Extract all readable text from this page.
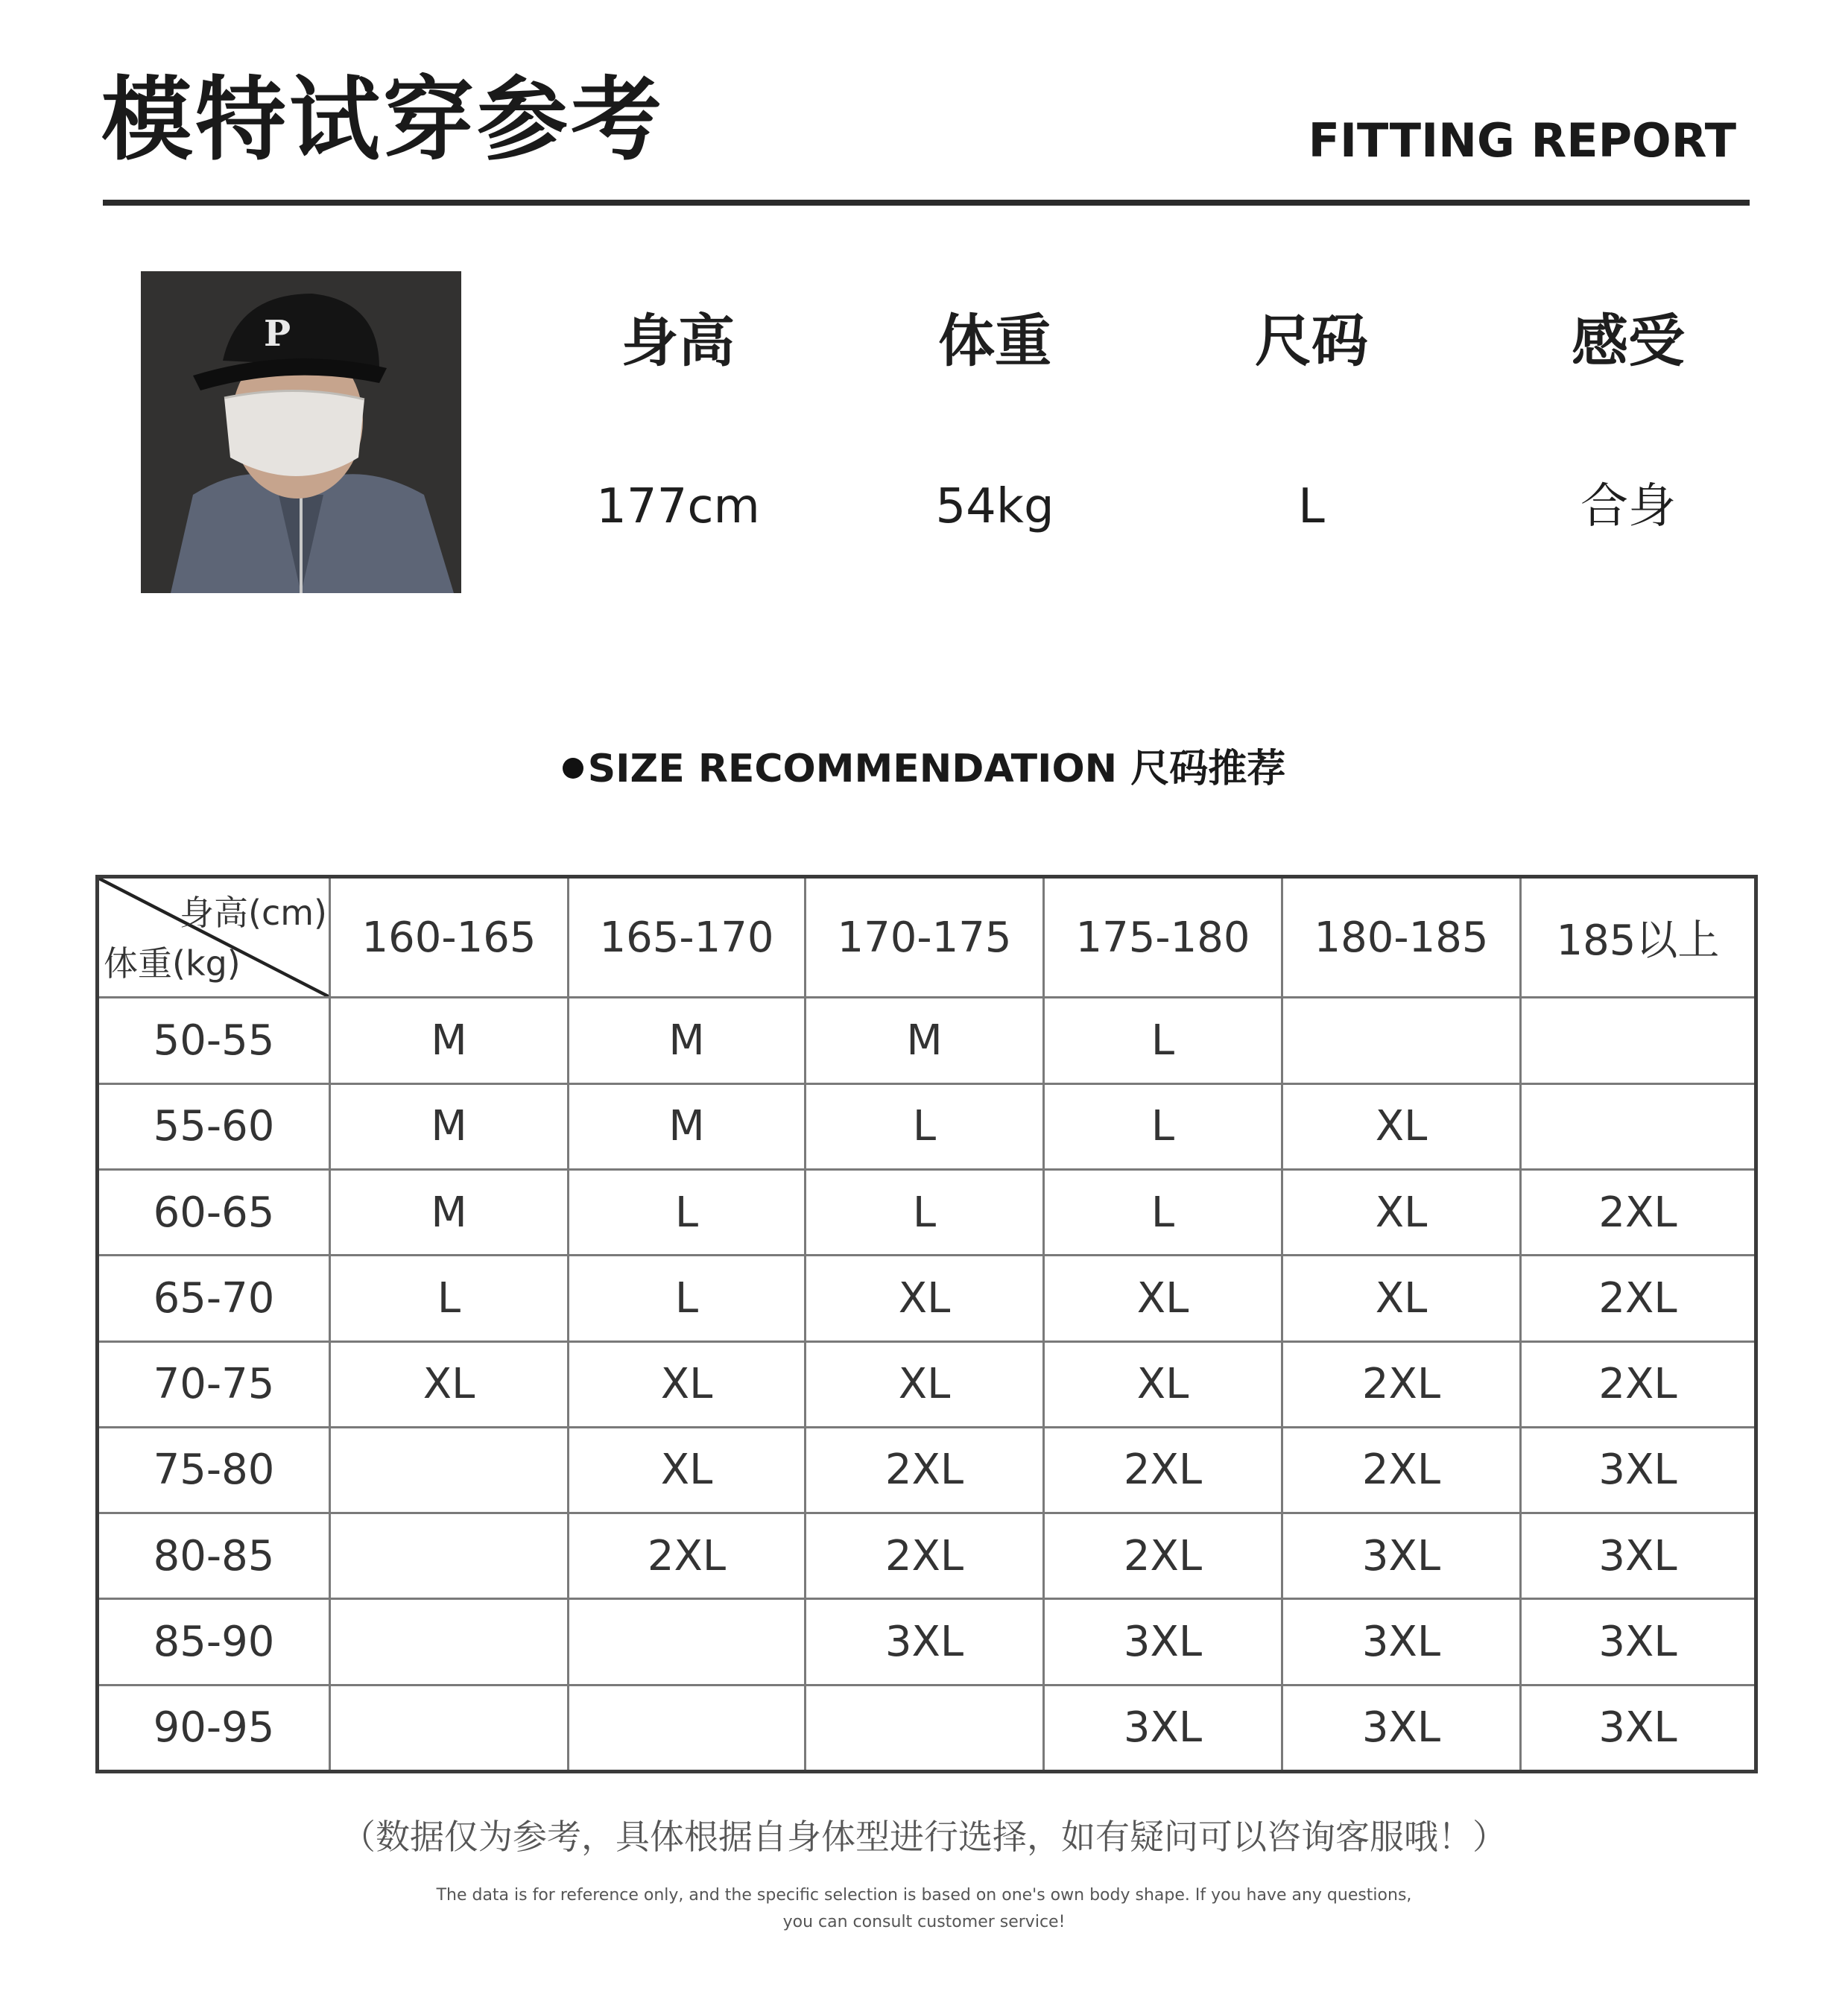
模特试穿参考	FITTING REPORT
P	身高	体重	尺码	感受
177cm	54kg	L	合身
SIZE RECOMMENDATION 尺码推荐
身高(cm)
体重(kg)	160-165	165-170	170-175	175-180	180-185	185以上
50-55	M	M	M	L		
55-60	M	M	L	L	XL	
60-65	M	L	L	L	XL	2XL
65-70	L	L	XL	XL	XL	2XL
70-75	XL	XL	XL	XL	2XL	2XL
75-80		XL	2XL	2XL	2XL	3XL
80-85		2XL	2XL	2XL	3XL	3XL
85-90			3XL	3XL	3XL	3XL
90-95				3XL	3XL	3XL
（数据仅为参考，具体根据自身体型进行选择，如有疑问可以咨询客服哦！）
The data is for reference only, and the specific selection is based on one's own body shape. If you have any questions,
you can consult customer service!
